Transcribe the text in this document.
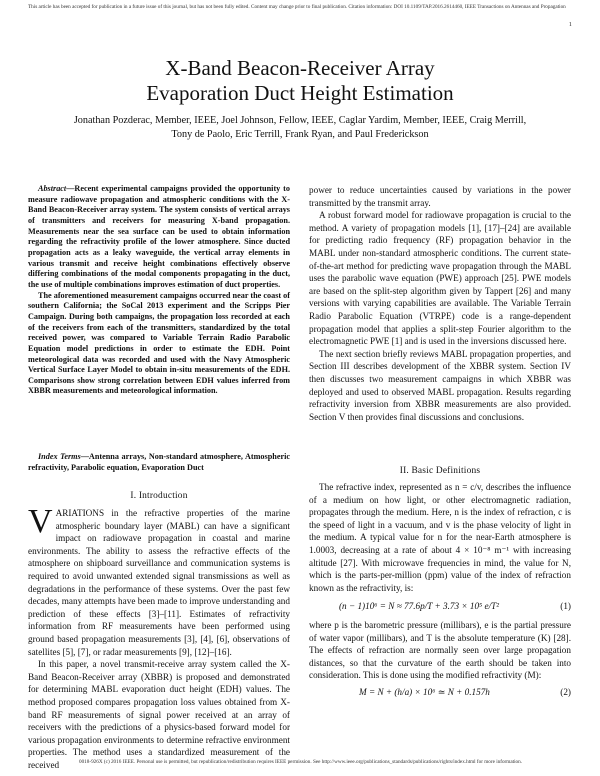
This article has been accepted for publication in a future issue of this journal, but has not been fully edited. Content may change prior to final publication. Citation information: DOI 10.1109/TAP.2016.2614460, IEEE Transactions on Antennas and Propagation
1
X-Band Beacon-Receiver Array
Evaporation Duct Height Estimation
Jonathan Pozderac, Member, IEEE, Joel Johnson, Fellow, IEEE, Caglar Yardim, Member, IEEE, Craig Merrill,
Tony de Paolo, Eric Terrill, Frank Ryan, and Paul Frederickson

Abstract—Recent experimental campaigns provided the opportunity to measure radiowave propagation and atmospheric conditions with the X-Band Beacon-Receiver array system. The system consists of vertical arrays of transmitters and receivers for measuring X-band propagation. Measurements near the sea surface can be used to obtain information regarding the refractivity profile of the lower atmosphere. Since ducted propagation acts as a leaky waveguide, the vertical array elements in various transmit and receive height combinations effectively observe differing combinations of the modal components propagating in the duct, the use of multiple combinations improves estimation of duct properties.

The aforementioned measurement campaigns occurred near the coast of southern California; the SoCal 2013 experiment and the Scripps Pier Campaign. During both campaigns, the propagation loss recorded at each of the receivers from each of the transmitters, standardized by the total received power, was compared to Variable Terrain Radio Parabolic Equation model predictions in order to estimate the EDH. Point meteorological data was recorded and used with the Navy Atmospheric Vertical Surface Layer Model to obtain in-situ measurements of the EDH. Comparisons show strong correlation between EDH values inferred from XBBR measurements and meteorological information.

Index Terms—Antenna arrays, Non-standard atmosphere, Atmospheric refractivity, Parabolic equation, Evaporation Duct

I. Introduction

VARIATIONS in the refractive properties of the marine atmospheric boundary layer (MABL) can have a significant impact on radiowave propagation in coastal and marine environments. The ability to assess the refractive effects of the atmosphere on shipboard surveillance and communication systems is required to avoid unwanted extended signal transmissions as well as degradations in the performance of these systems. Over the past few decades, many attempts have been made to improve understanding and prediction of these effects [3]–[11]. Estimates of refractivity information from RF measurements have been performed using ground based propagation measurements [3], [4], [6], observations of satellites [5], [7], or radar measurements [9], [12]–[16].

In this paper, a novel transmit-receive array system called the X-Band Beacon-Receiver array (XBBR) is proposed and demonstrated for determining MABL evaporation duct height (EDH) values. The method proposed compares propagation loss values obtained from X-band RF measurements of signal power received at an array of receivers with the predictions of a physics-based forward model for various propagation environments to determine refractive environment properties. The method uses a standardized measurement of the received

power to reduce uncertainties caused by variations in the power transmitted by the transmit array.

A robust forward model for radiowave propagation is crucial to the method. A variety of propagation models [1], [17]–[24] are available for predicting radio frequency (RF) propagation behavior in the MABL under non-standard atmospheric conditions. The current state-of-the-art method for predicting wave propagation through the MABL uses the parabolic wave equation (PWE) approach [25]. PWE models are based on the split-step algorithm given by Tappert [26] and many versions with varying capabilities are available. The Variable Terrain Radio Parabolic Equation (VTRPE) code is a range-dependent propagation model that applies a split-step Fourier algorithm to the electromagnetic PWE [1] and is used in the inversions discussed here.

The next section briefly reviews MABL propagation properties, and Section III describes development of the XBBR system. Section IV then discusses two measurement campaigns in which XBBR was deployed and used to observed MABL propagation. Results regarding refractivity inversion from XBBR measurements are also provided. Section V then provides final discussions and conclusions.

II. Basic Definitions

The refractive index, represented as n = c/v, describes the influence of a medium on how light, or other electromagnetic radiation, propagates through the medium. Here, n is the index of refraction, c is the speed of light in a vacuum, and v is the phase velocity of light in the medium. A typical value for n for the near-Earth atmosphere is 1.0003, decreasing at a rate of about 4 × 10⁻⁸ m⁻¹ with increasing altitude [27]. With microwave frequencies in mind, the value for N, which is the parts-per-million (ppm) value of the index of refraction known as the refractivity, is:

(n − 1)10⁶ = N ≈ 77.6p/T + 3.73 × 10⁵ e/T²	(1)

where p is the barometric pressure (millibars), e is the partial pressure of water vapor (millibars), and T is the absolute temperature (K) [28]. The effects of refraction are normally seen over large propagation distances, so that the curvature of the earth should be taken into consideration. This is done using the modified refractivity (M):

M = N + (h/a) × 10⁶ ≃ N + 0.157h	(2)
0018-926X (c) 2016 IEEE. Personal use is permitted, but republication/redistribution requires IEEE permission. See http://www.ieee.org/publications_standards/publications/rights/index.html for more information.
